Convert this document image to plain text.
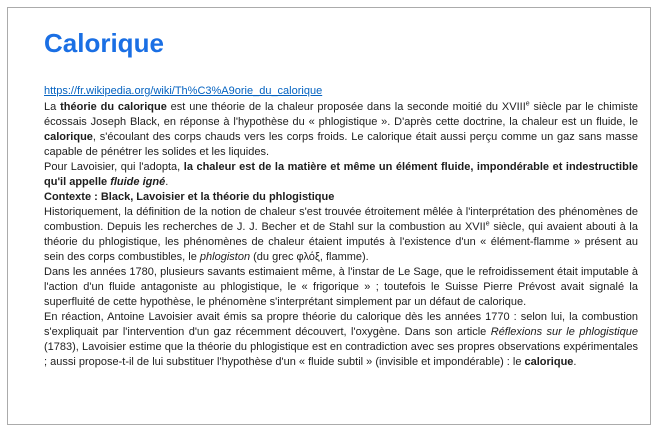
Calorique
https://fr.wikipedia.org/wiki/Th%C3%A9orie_du_calorique

La théorie du calorique est une théorie de la chaleur proposée dans la seconde moitié du XVIIIe siècle par le chimiste écossais Joseph Black, en réponse à l'hypothèse du « phlogistique ». D'après cette doctrine, la chaleur est un fluide, le calorique, s'écoulant des corps chauds vers les corps froids. Le calorique était aussi perçu comme un gaz sans masse capable de pénétrer les solides et les liquides.

Pour Lavoisier, qui l'adopta, la chaleur est de la matière et même un élément fluide, impondérable et indestructible qu'il appelle fluide igné.

Contexte : Black, Lavoisier et la théorie du phlogistique

Historiquement, la définition de la notion de chaleur s'est trouvée étroitement mêlée à l'interprétation des phénomènes de combustion. Depuis les recherches de J. J. Becher et de Stahl sur la combustion au XVIIe siècle, qui avaient abouti à la théorie du phlogistique, les phénomènes de chaleur étaient imputés à l'existence d'un « élément-flamme » présent au sein des corps combustibles, le phlogiston (du grec φλόξ, flamme).

Dans les années 1780, plusieurs savants estimaient même, à l'instar de Le Sage, que le refroidissement était imputable à l'action d'un fluide antagoniste au phlogistique, le « frigorique » ; toutefois le Suisse Pierre Prévost avait signalé la superfluité de cette hypothèse, le phénomène s'interprétant simplement par un défaut de calorique.

En réaction, Antoine Lavoisier avait émis sa propre théorie du calorique dès les années 1770 : selon lui, la combustion s'expliquait par l'intervention d'un gaz récemment découvert, l'oxygène. Dans son article Réflexions sur le phlogistique (1783), Lavoisier estime que la théorie du phlogistique est en contradiction avec ses propres observations expérimentales ; aussi propose-t-il de lui substituer l'hypothèse d'un « fluide subtil » (invisible et impondérable) : le calorique.
